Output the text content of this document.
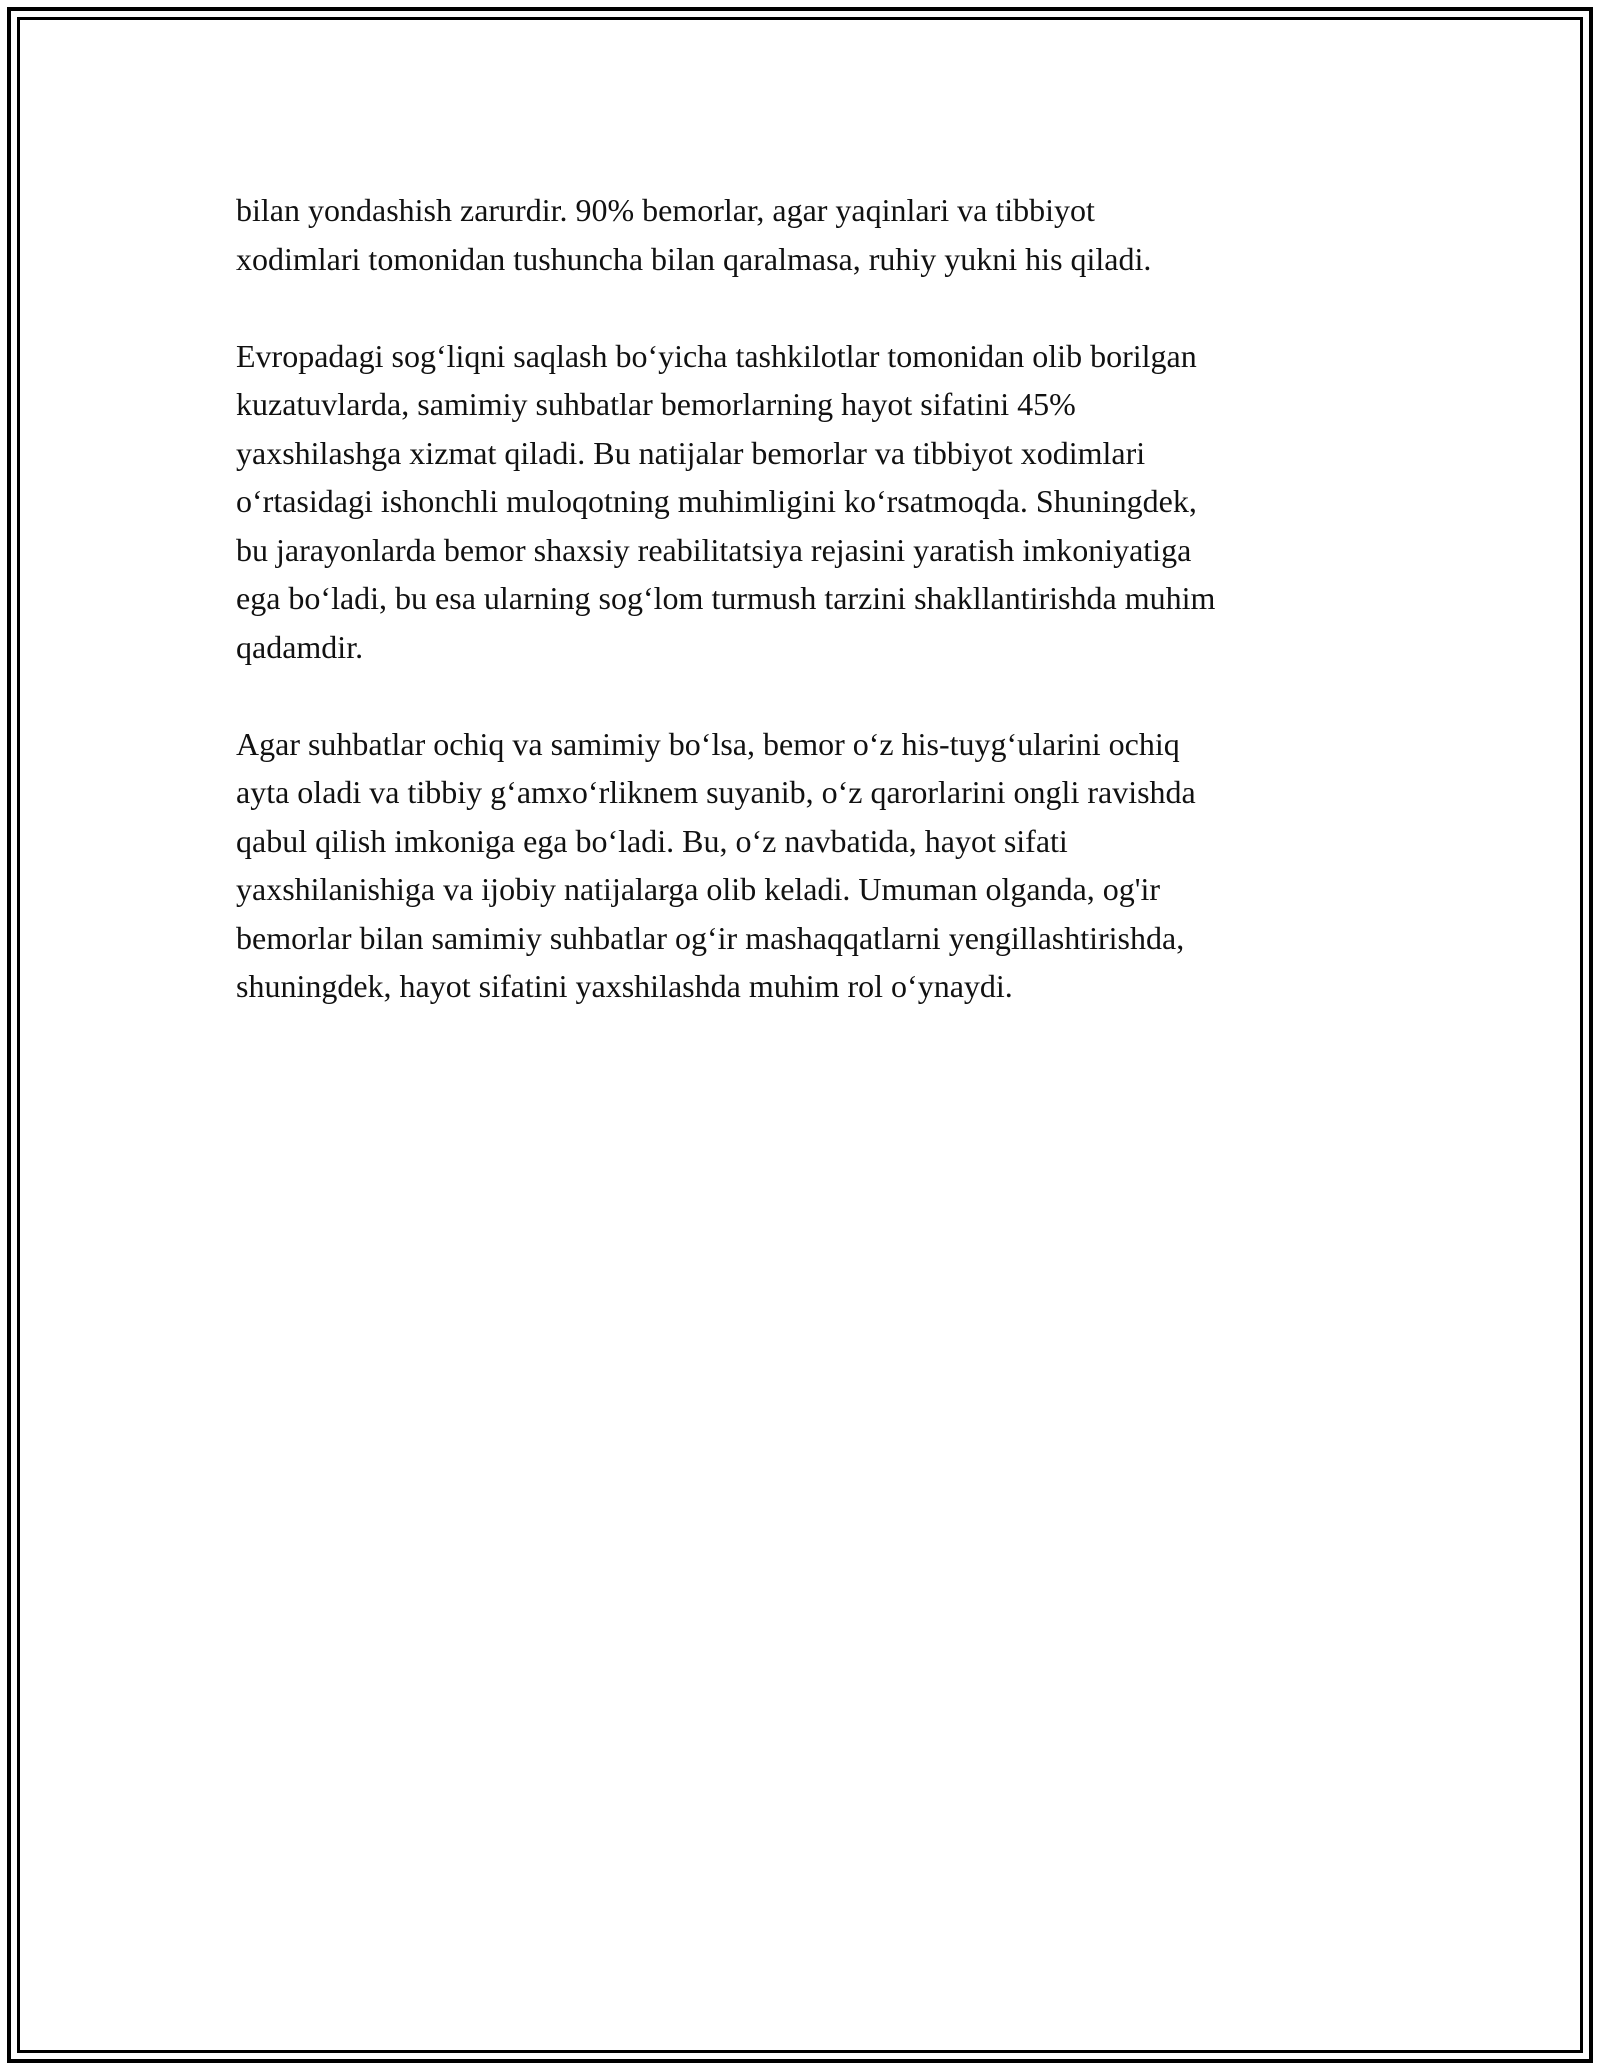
bilan yondashish zarurdir. 90% bemorlar, agar yaqinlari va tibbiyot
xodimlari tomonidan tushuncha bilan qaralmasa, ruhiy yukni his qiladi.

Evropadagi sog‘liqni saqlash bo‘yicha tashkilotlar tomonidan olib borilgan
kuzatuvlarda, samimiy suhbatlar bemorlarning hayot sifatini 45%
yaxshilashga xizmat qiladi. Bu natijalar bemorlar va tibbiyot xodimlari
o‘rtasidagi ishonchli muloqotning muhimligini ko‘rsatmoqda. Shuningdek,
bu jarayonlarda bemor shaxsiy reabilitatsiya rejasini yaratish imkoniyatiga
ega bo‘ladi, bu esa ularning sog‘lom turmush tarzini shakllantirishda muhim
qadamdir.

Agar suhbatlar ochiq va samimiy bo‘lsa, bemor o‘z his-tuyg‘ularini ochiq
ayta oladi va tibbiy g‘amxo‘rliknem suyanib, o‘z qarorlarini ongli ravishda
qabul qilish imkoniga ega bo‘ladi. Bu, o‘z navbatida, hayot sifati
yaxshilanishiga va ijobiy natijalarga olib keladi. Umuman olganda, og'ir
bemorlar bilan samimiy suhbatlar og‘ir mashaqqatlarni yengillashtirishda,
shuningdek, hayot sifatini yaxshilashda muhim rol o‘ynaydi.
